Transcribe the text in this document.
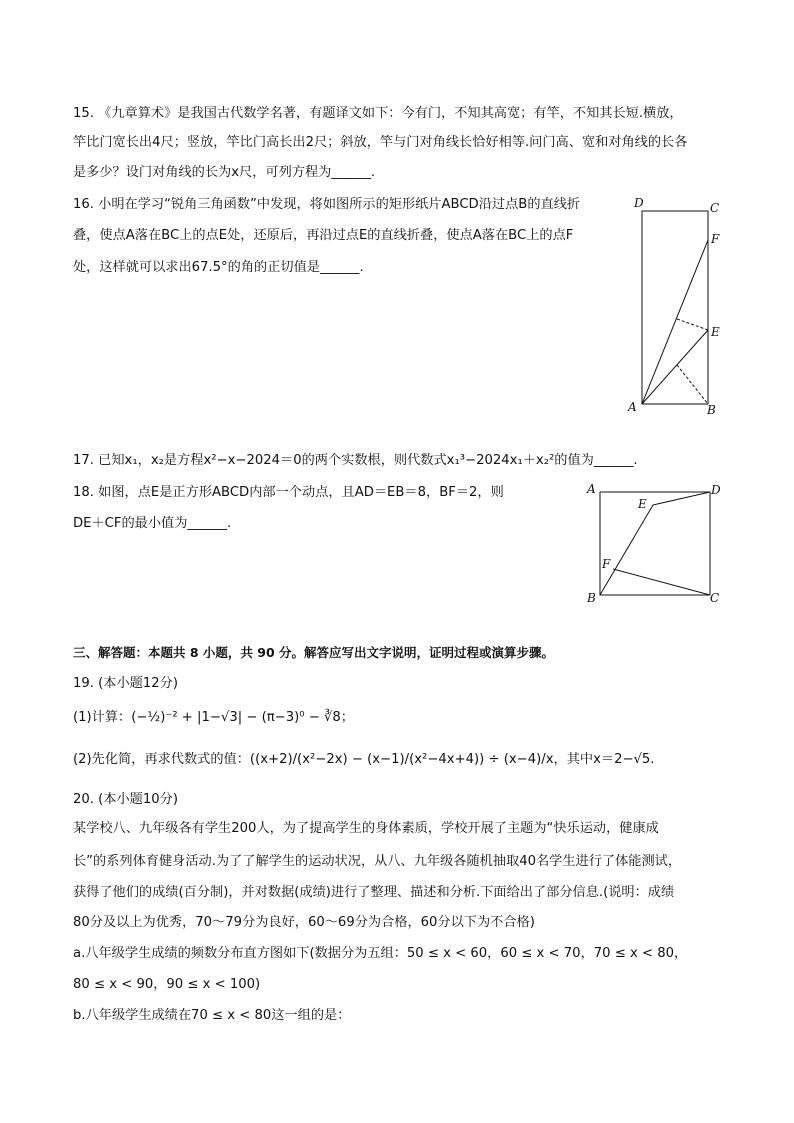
15. 《九章算术》是我国古代数学名著，有题译文如下：今有门，不知其高宽；有竿，不知其长短.横放，
竿比门宽长出4尺；竖放，竿比门高长出2尺；斜放，竿与门对角线长恰好相等.问门高、宽和对角线的长各
是多少？设门对角线的长为x尺，可列方程为______.
16. 小明在学习“锐角三角函数”中发现，将如图所示的矩形纸片ABCD沿过点B的直线折
叠，使点A落在BC上的点E处，还原后，再沿过点E的直线折叠，使点A落在BC上的点F
处，这样就可以求出67.5°的角的正切值是______.
D	C
F
E
A	B
17. 已知x₁，x₂是方程x²−x−2024＝0的两个实数根，则代数式x₁³−2024x₁＋x₂²的值为______.
18. 如图，点E是正方形ABCD内部一个动点，且AD＝EB＝8，BF＝2，则
DE＋CF的最小值为______.
A	D
E
F
B	C
三、解答题：本题共 8 小题，共 90 分。解答应写出文字说明，证明过程或演算步骤。
19. (本小题12分)
(1)计算：(−½)⁻² + |1−√3| − (π−3)⁰ − ∛8；
(2)先化简，再求代数式的值：((x+2)/(x²−2x) − (x−1)/(x²−4x+4)) ÷ (x−4)/x，其中x＝2−√5.
20. (本小题10分)
某学校八、九年级各有学生200人，为了提高学生的身体素质，学校开展了主题为“快乐运动，健康成
长”的系列体育健身活动.为了了解学生的运动状况，从八、九年级各随机抽取40名学生进行了体能测试，
获得了他们的成绩(百分制)，并对数据(成绩)进行了整理、描述和分析.下面给出了部分信息.(说明：成绩
80分及以上为优秀，70～79分为良好，60～69分为合格，60分以下为不合格)
a.八年级学生成绩的频数分布直方图如下(数据分为五组：50 ≤ x < 60，60 ≤ x < 70，70 ≤ x < 80，
80 ≤ x < 90，90 ≤ x < 100)
b.八年级学生成绩在70 ≤ x < 80这一组的是：
